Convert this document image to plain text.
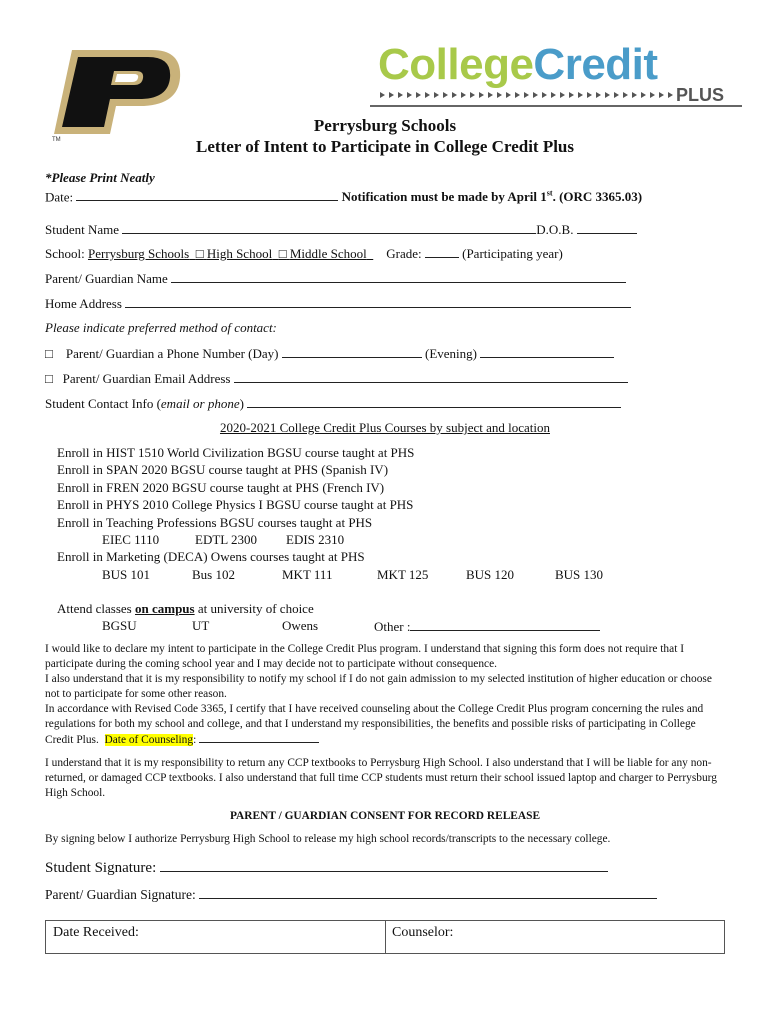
TM
CollegeCredit
PLUS
Perrysburg Schools
Letter of Intent to Participate in College Credit Plus
*Please Print Neatly
Date:	Notification must be made by April 1st. (ORC 3365.03)
Student Name	D.O.B.
School: Perrysburg Schools □ High School □ Middle School Grade:	(Participating year)
Parent/ Guardian Name
Home Address
Please indicate preferred method of contact:
□ Parent/ Guardian a Phone Number (Day)	(Evening)
□ Parent/ Guardian Email Address
Student Contact Info (email or phone)
2020-2021 College Credit Plus Courses by subject and location
Enroll in HIST 1510 World Civilization BGSU course taught at PHS
Enroll in SPAN 2020 BGSU course taught at PHS (Spanish IV)
Enroll in FREN 2020 BGSU course taught at PHS (French IV)
Enroll in PHYS 2010 College Physics I BGSU course taught at PHS
Enroll in Teaching Professions BGSU courses taught at PHS
EIEC 1110	EDTL 2300 EDIS 2310
Enroll in Marketing (DECA) Owens courses taught at PHS
BUS 101	Bus 102	MKT 111	MKT 125	BUS 120	BUS 130
Attend classes on campus at university of choice
BGSU	UT	Owens	Other :
I would like to declare my intent to participate in the College Credit Plus program. I understand that signing this form does not require that I participate during the coming school year and I may decide not to participate without consequence.
I also understand that it is my responsibility to notify my school if I do not gain admission to my selected institution of higher education or choose not to participate for some other reason.
In accordance with Revised Code 3365, I certify that I have received counseling about the College Credit Plus program concerning the rules and regulations for both my school and college, and that I understand my responsibilities, the benefits and possible risks of participating in College Credit Plus. Date of Counseling:
I understand that it is my responsibility to return any CCP textbooks to Perrysburg High School. I also understand that I will be liable for any non-returned, or damaged CCP textbooks. I also understand that full time CCP students must return their school issued laptop and charger to Perrysburg High School.
PARENT / GUARDIAN CONSENT FOR RECORD RELEASE
By signing below I authorize Perrysburg High School to release my high school records/transcripts to the necessary college.
Student Signature:
Parent/ Guardian Signature:
Date Received:	Counselor:
